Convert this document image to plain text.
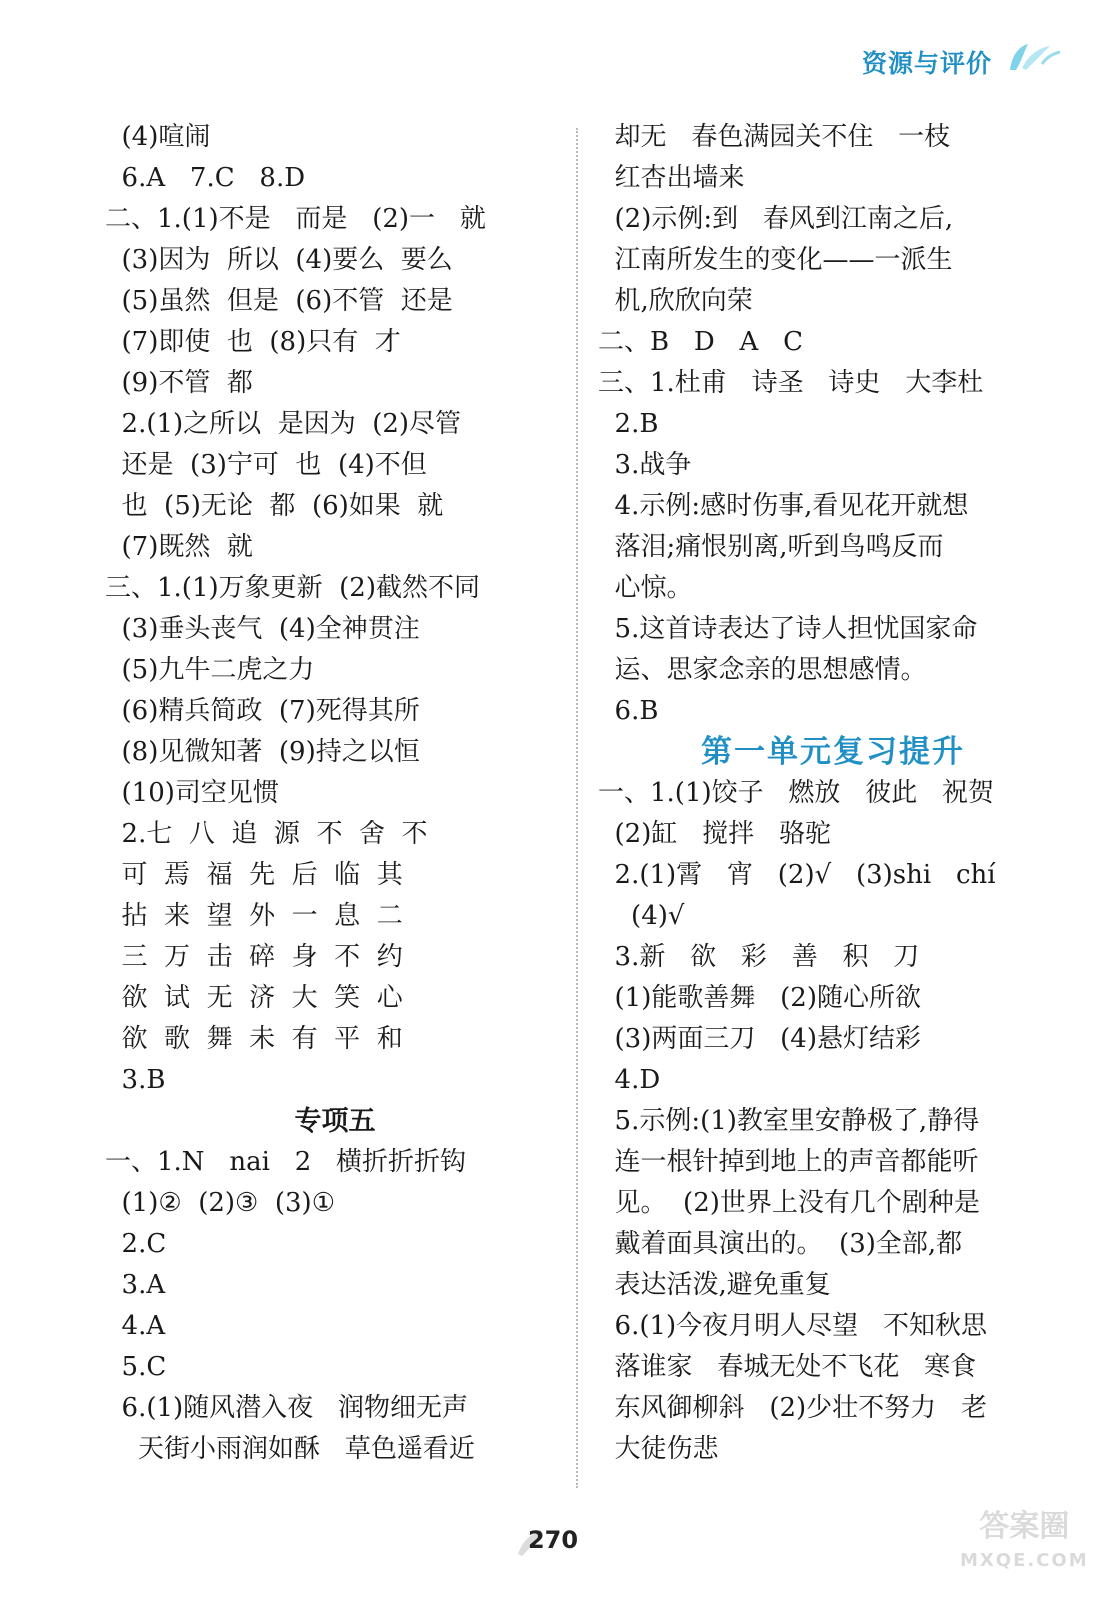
资源与评价
(4)喧闹
6.A   7.C   8.D
二、1.(1)不是   而是   (2)一   就
(3)因为  所以  (4)要么  要么
(5)虽然  但是  (6)不管  还是
(7)即使  也  (8)只有  才
(9)不管  都
2.(1)之所以  是因为  (2)尽管
还是  (3)宁可  也  (4)不但
也  (5)无论  都  (6)如果  就
(7)既然  就
三、1.(1)万象更新  (2)截然不同
(3)垂头丧气  (4)全神贯注
(5)九牛二虎之力
(6)精兵简政  (7)死得其所
(8)见微知著  (9)持之以恒
(10)司空见惯
2.七  八  追  源  不  舍  不
可  焉  福  先  后  临  其
拈  来  望  外  一  息  二
三  万  击  碎  身  不  约
欲  试  无  济  大  笑  心
欲  歌  舞  未  有  平  和
3.B
专项五
一、1.N   nai   2   横折折折钩
(1)②  (2)③  (3)①
2.C
3.A
4.A
5.C
6.(1)随风潜入夜   润物细无声
天街小雨润如酥   草色遥看近
却无   春色满园关不住   一枝
红杏出墙来
(2)示例:到   春风到江南之后,
江南所发生的变化——一派生
机,欣欣向荣
二、B   D   A   C
三、1.杜甫   诗圣   诗史   大李杜
2.B
3.战争
4.示例:感时伤事,看见花开就想
落泪;痛恨别离,听到鸟鸣反而
心惊。
5.这首诗表达了诗人担忧国家命
运、思家念亲的思想感情。
6.B
第一单元复习提升
一、1.(1)饺子   燃放   彼此   祝贺
(2)缸   搅拌   骆驼
2.(1)霄   宵   (2)√   (3)shi   chí
(4)√
3.新   欲   彩   善   积   刀
(1)能歌善舞   (2)随心所欲
(3)两面三刀   (4)悬灯结彩
4.D
5.示例:(1)教室里安静极了,静得
连一根针掉到地上的声音都能听
见。  (2)世界上没有几个剧种是
戴着面具演出的。  (3)全部,都
表达活泼,避免重复
6.(1)今夜月明人尽望   不知秋思
落谁家   春城无处不飞花   寒食
东风御柳斜   (2)少壮不努力   老
大徒伤悲
270	答案圈
MXQE.COM
